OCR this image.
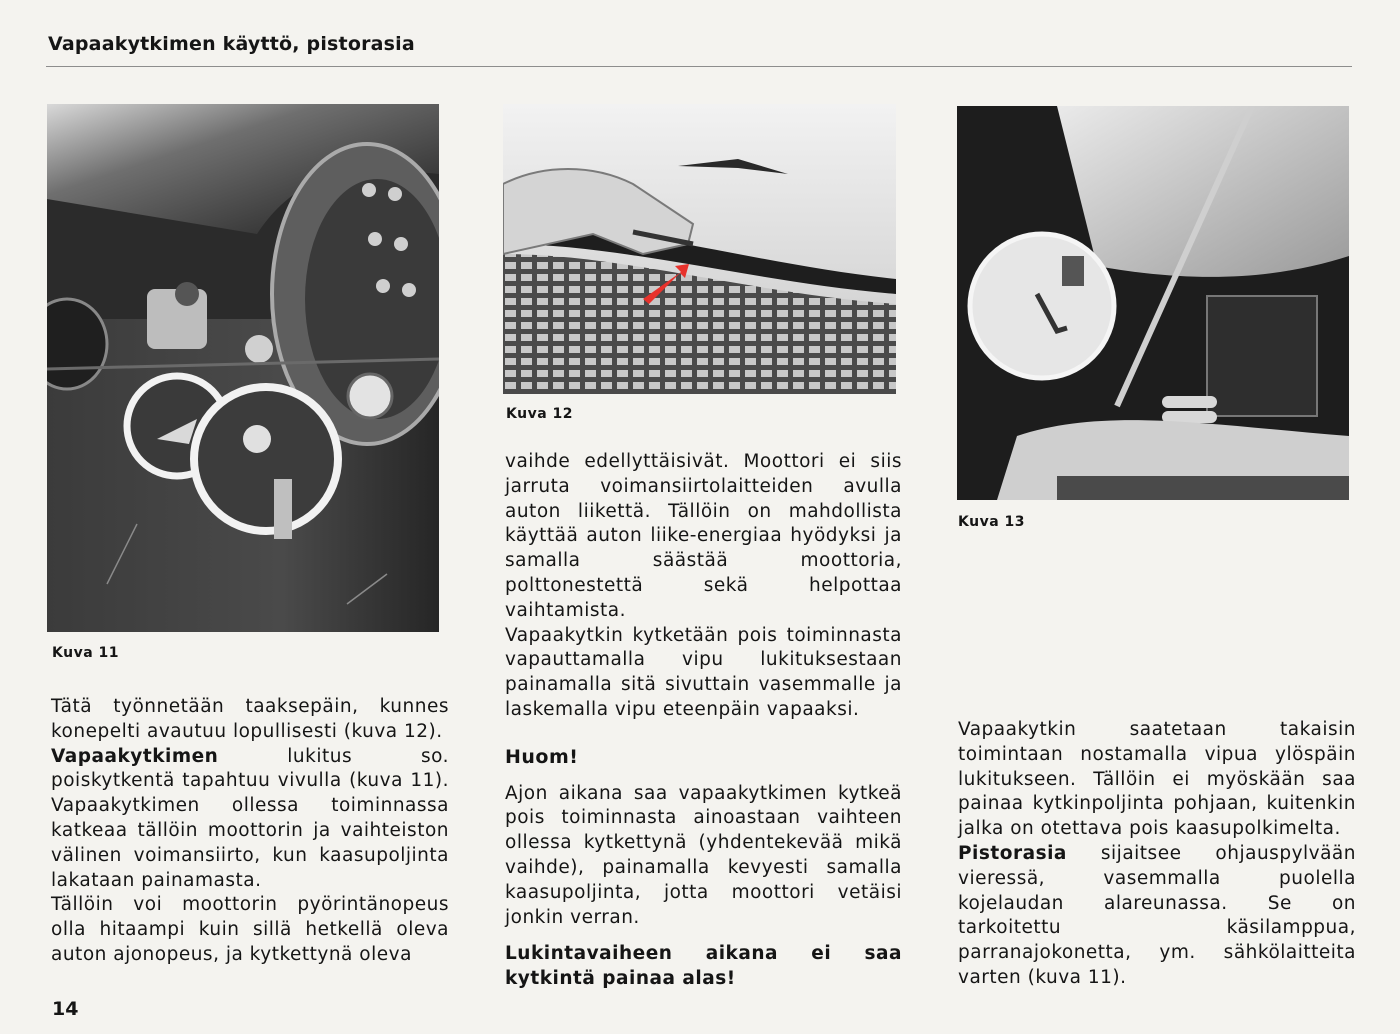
Vapaakytkimen käyttö, pistorasia
Kuva 11
Kuva 12
Kuva 13

Tätä työnnetään taaksepäin, kunnes konepelti avautuu lopullisesti (kuva 12).

Vapaakytkimen lukitus so. poiskytkentä tapahtuu vivulla (kuva 11). Vapaakytkimen ollessa toiminnassa katkeaa tällöin moottorin ja vaihteiston välinen voimansiirto, kun kaasupoljinta lakataan painamasta.

Tällöin voi moottorin pyörintänopeus olla hitaampi kuin sillä hetkellä oleva auton ajonopeus, ja kytkettynä oleva

vaihde edellyttäisivät. Moottori ei siis jarruta voimansiirtolaitteiden avulla auton liikettä. Tällöin on mahdollista käyttää auton liike-energiaa hyödyksi ja samalla säästää moottoria, polttonestettä sekä helpottaa vaihtamista.

Vapaakytkin kytketään pois toiminnasta vapauttamalla vipu lukituksestaan painamalla sitä sivuttain vasemmalle ja laskemalla vipu eteenpäin vapaaksi.

Huom!

Ajon aikana saa vapaakytkimen kytkeä pois toiminnasta ainoastaan vaihteen ollessa kytkettynä (yhdentekevää mikä vaihde), painamalla kevyesti samalla kaasupoljinta, jotta moottori vetäisi jonkin verran.

Lukintavaiheen aikana ei saa kytkintä painaa alas!

Vapaakytkin saatetaan takaisin toimintaan nostamalla vipua ylöspäin lukitukseen. Tällöin ei myöskään saa painaa kytkinpoljinta pohjaan, kuitenkin jalka on otettava pois kaasupolkimelta.

Pistorasia sijaitsee ohjauspylvään vieressä, vasemmalla puolella kojelaudan alareunassa. Se on tarkoitettu käsilamppua, parranajokonetta, ym. sähkölaitteita varten (kuva 11).

14
